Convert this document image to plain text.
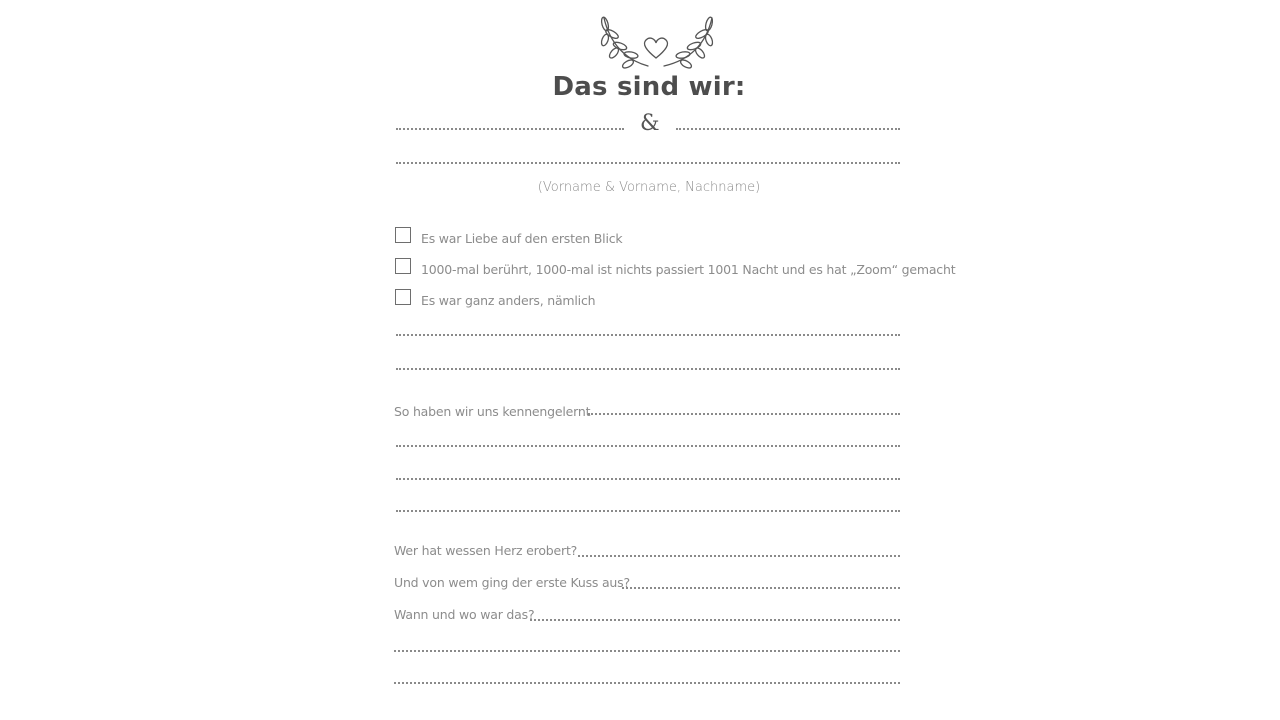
Das sind wir:
&
(Vorname & Vorname, Nachname)
Es war Liebe auf den ersten Blick
1000-mal berührt, 1000-mal ist nichts passiert 1001 Nacht und es hat „Zoom“ gemacht
Es war ganz anders, nämlich
So haben wir uns kennengelernt
Wer hat wessen Herz erobert?
Und von wem ging der erste Kuss aus?
Wann und wo war das?
